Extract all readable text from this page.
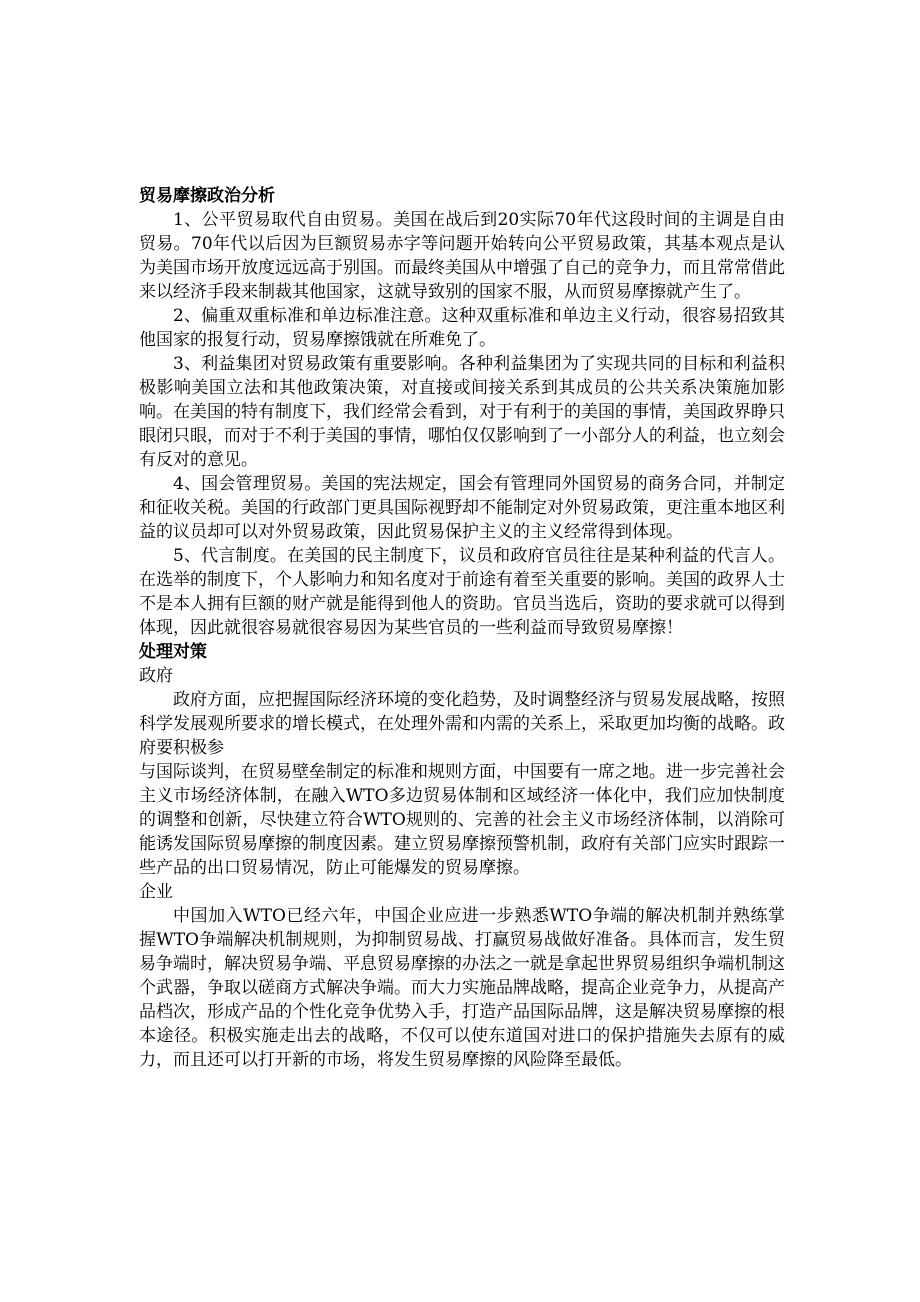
贸易摩擦政治分析

1、公平贸易取代自由贸易。美国在战后到20实际70年代这段时间的主调是自由贸易。70年代以后因为巨额贸易赤字等问题开始转向公平贸易政策，其基本观点是认为美国市场开放度远远高于别国。而最终美国从中增强了自己的竞争力，而且常常借此来以经济手段来制裁其他国家，这就导致别的国家不服，从而贸易摩擦就产生了。

2、偏重双重标准和单边标准注意。这种双重标准和单边主义行动，很容易招致其他国家的报复行动，贸易摩擦饿就在所难免了。

3、利益集团对贸易政策有重要影响。各种利益集团为了实现共同的目标和利益积极影响美国立法和其他政策决策，对直接或间接关系到其成员的公共关系决策施加影响。在美国的特有制度下，我们经常会看到，对于有利于的美国的事情，美国政界睁只眼闭只眼，而对于不利于美国的事情，哪怕仅仅影响到了一小部分人的利益，也立刻会有反对的意见。

4、国会管理贸易。美国的宪法规定，国会有管理同外国贸易的商务合同，并制定和征收关税。美国的行政部门更具国际视野却不能制定对外贸易政策，更注重本地区利益的议员却可以对外贸易政策，因此贸易保护主义的主义经常得到体现。

5、代言制度。在美国的民主制度下，议员和政府官员往往是某种利益的代言人。在选举的制度下，个人影响力和知名度对于前途有着至关重要的影响。美国的政界人士不是本人拥有巨额的财产就是能得到他人的资助。官员当选后，资助的要求就可以得到体现，因此就很容易就很容易因为某些官员的一些利益而导致贸易摩擦！

处理对策

政府

政府方面，应把握国际经济环境的变化趋势，及时调整经济与贸易发展战略，按照科学发展观所要求的增长模式，在处理外需和内需的关系上，采取更加均衡的战略。政府要积极参

与国际谈判，在贸易壁垒制定的标准和规则方面，中国要有一席之地。进一步完善社会主义市场经济体制，在融入WTO多边贸易体制和区域经济一体化中，我们应加快制度的调整和创新，尽快建立符合WTO规则的、完善的社会主义市场经济体制，以消除可能诱发国际贸易摩擦的制度因素。建立贸易摩擦预警机制，政府有关部门应实时跟踪一些产品的出口贸易情况，防止可能爆发的贸易摩擦。

企业

中国加入WTO已经六年，中国企业应进一步熟悉WTO争端的解决机制并熟练掌握WTO争端解决机制规则，为抑制贸易战、打赢贸易战做好准备。具体而言，发生贸易争端时，解决贸易争端、平息贸易摩擦的办法之一就是拿起世界贸易组织争端机制这个武器，争取以磋商方式解决争端。而大力实施品牌战略，提高企业竞争力，从提高产品档次，形成产品的个性化竞争优势入手，打造产品国际品牌，这是解决贸易摩擦的根本途径。积极实施走出去的战略，不仅可以使东道国对进口的保护措施失去原有的威力，而且还可以打开新的市场，将发生贸易摩擦的风险降至最低。
